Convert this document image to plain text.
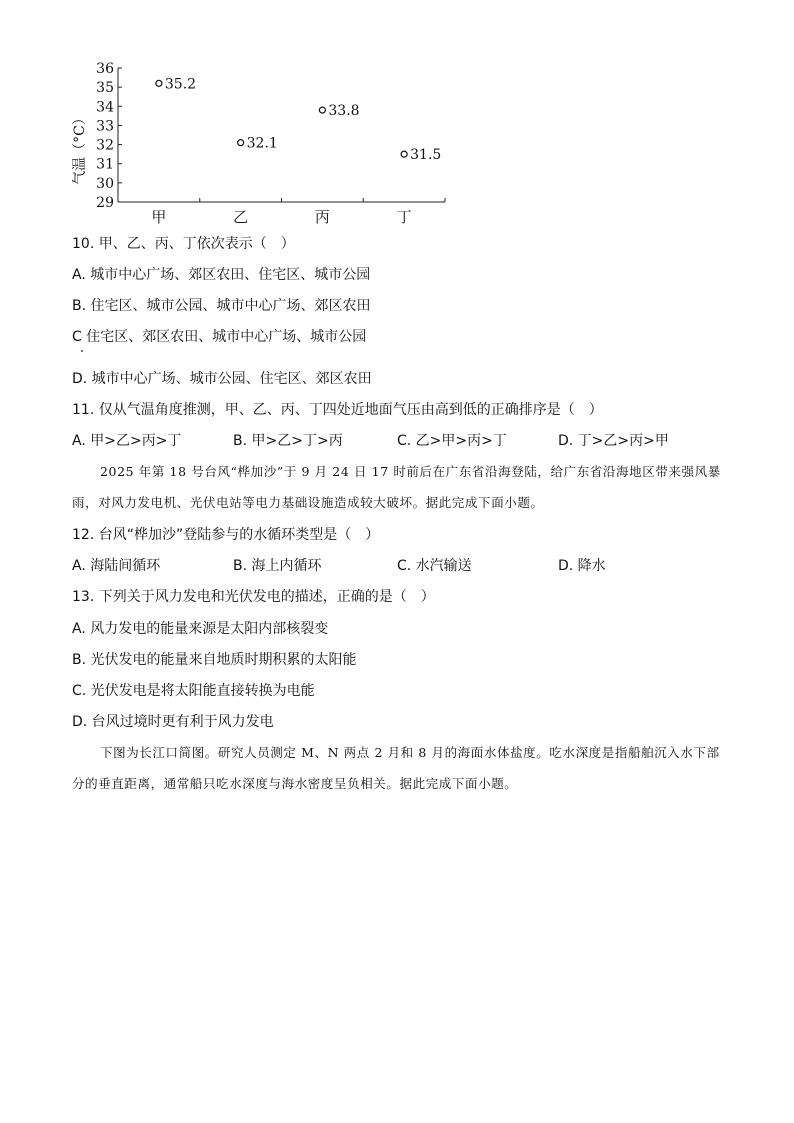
36
35
34
33
32
31
30
29
甲	乙	丙	丁
35.2
32.1
33.8
31.5
气温（°C）
10. 甲、乙、丙、丁依次表示（　）
A. 城市中心广场、郊区农田、住宅区、城市公园
B. 住宅区、城市公园、城市中心广场、郊区农田
C 住宅区、郊区农田、城市中心广场、城市公园
D. 城市中心广场、城市公园、住宅区、郊区农田
11. 仅从气温角度推测，甲、乙、丙、丁四处近地面气压由高到低的正确排序是（　）
A. 甲>乙>丙>丁	B. 甲>乙>丁>丙	C. 乙>甲>丙>丁	D. 丁>乙>丙>甲
2025 年第 18 号台风“桦加沙”于 9 月 24 日 17 时前后在广东省沿海登陆，给广东省沿海地区带来强风暴雨，对风力发电机、光伏电站等电力基础设施造成较大破坏。据此完成下面小题。
12. 台风“桦加沙”登陆参与的水循环类型是（　）
A. 海陆间循环	B. 海上内循环	C. 水汽输送	D. 降水
13. 下列关于风力发电和光伏发电的描述，正确的是（　）
A. 风力发电的能量来源是太阳内部核裂变
B. 光伏发电的能量来自地质时期积累的太阳能
C. 光伏发电是将太阳能直接转换为电能
D. 台风过境时更有利于风力发电
下图为长江口简图。研究人员测定 M、N 两点 2 月和 8 月的海面水体盐度。吃水深度是指船舶沉入水下部分的垂直距离，通常船只吃水深度与海水密度呈负相关。据此完成下面小题。
